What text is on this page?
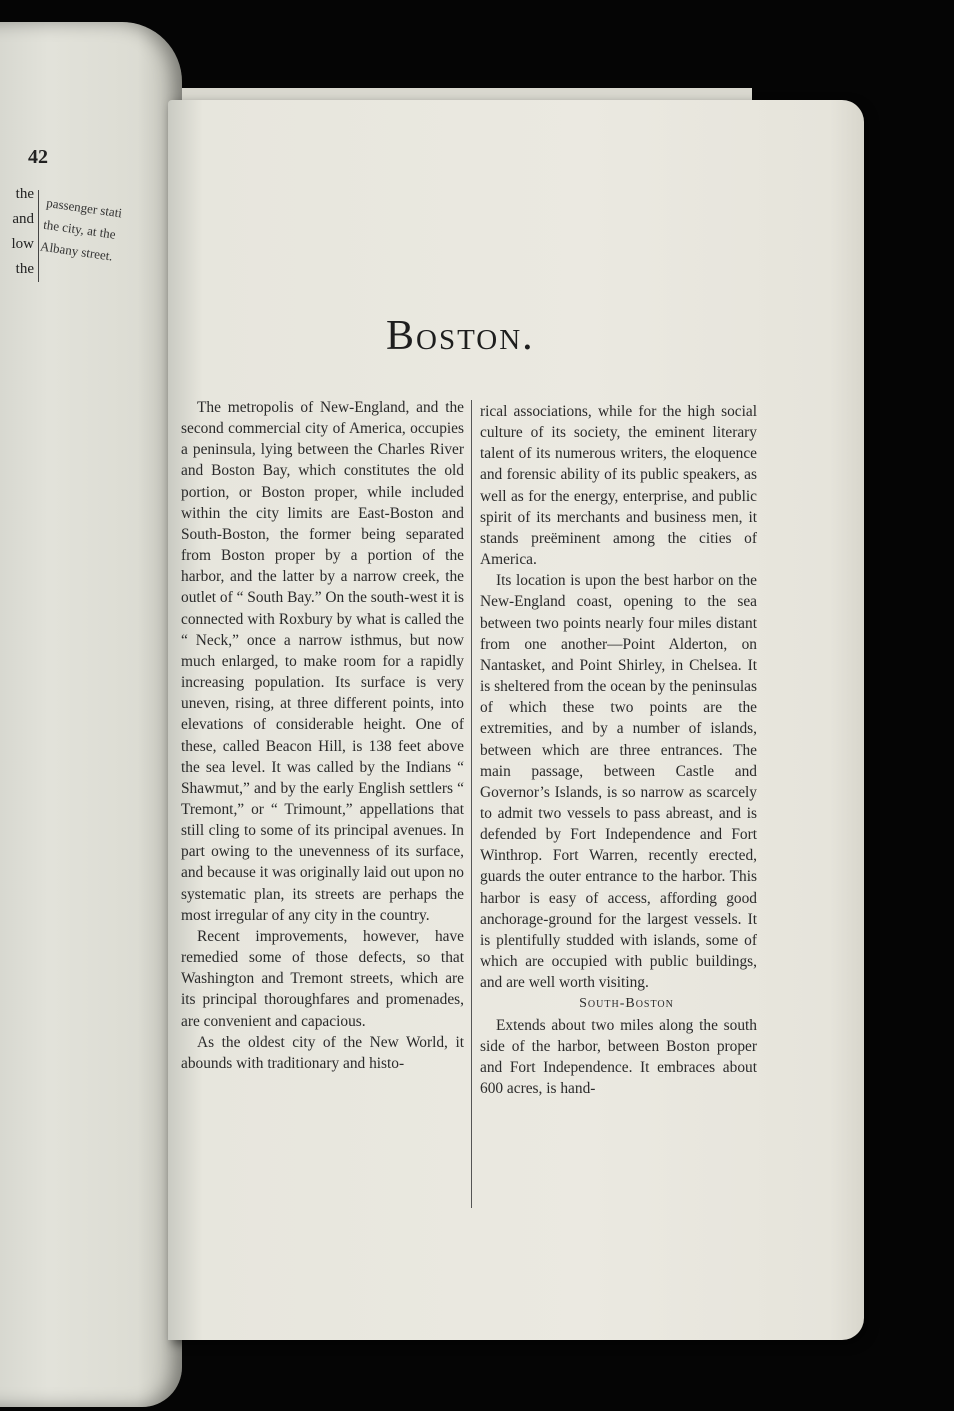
42
the
and
low
the
passenger stati
the city, at the
Albany street.
Boston.

The metropolis of New-England, and the second commercial city of America, occupies a peninsula, lying between the Charles River and Boston Bay, which constitutes the old portion, or Boston proper, while included within the city limits are East-Boston and South-Boston, the former being separated from Boston proper by a portion of the harbor, and the latter by a narrow creek, the outlet of “ South Bay.” On the south-west it is connected with Roxbury by what is called the “ Neck,” once a narrow isthmus, but now much enlarged, to make room for a rapidly increasing population. Its surface is very uneven, rising, at three different points, into elevations of considerable height. One of these, called Beacon Hill, is 138 feet above the sea level. It was called by the Indians “ Shawmut,” and by the early English settlers “ Tremont,” or “ Trimount,” appellations that still cling to some of its principal avenues. In part owing to the unevenness of its surface, and because it was originally laid out upon no systematic plan, its streets are perhaps the most irregular of any city in the country.

Recent improvements, however, have remedied some of those defects, so that Washington and Tremont streets, which are its principal thoroughfares and promenades, are convenient and capacious.

As the oldest city of the New World, it abounds with traditionary and histo-

rical associations, while for the high social culture of its society, the eminent literary talent of its numerous writers, the eloquence and forensic ability of its public speakers, as well as for the energy, enterprise, and public spirit of its merchants and business men, it stands preëminent among the cities of America.

Its location is upon the best harbor on the New-England coast, opening to the sea between two points nearly four miles distant from one another—Point Alderton, on Nantasket, and Point Shirley, in Chelsea. It is sheltered from the ocean by the peninsulas of which these two points are the extremities, and by a number of islands, between which are three entrances. The main passage, between Castle and Governor’s Islands, is so narrow as scarcely to admit two vessels to pass abreast, and is defended by Fort Independence and Fort Winthrop. Fort Warren, recently erected, guards the outer entrance to the harbor. This harbor is easy of access, affording good anchorage-ground for the largest vessels. It is plentifully studded with islands, some of which are occupied with public buildings, and are well worth visiting.

South-Boston

Extends about two miles along the south side of the harbor, between Boston proper and Fort Independence. It embraces about 600 acres, is hand-
